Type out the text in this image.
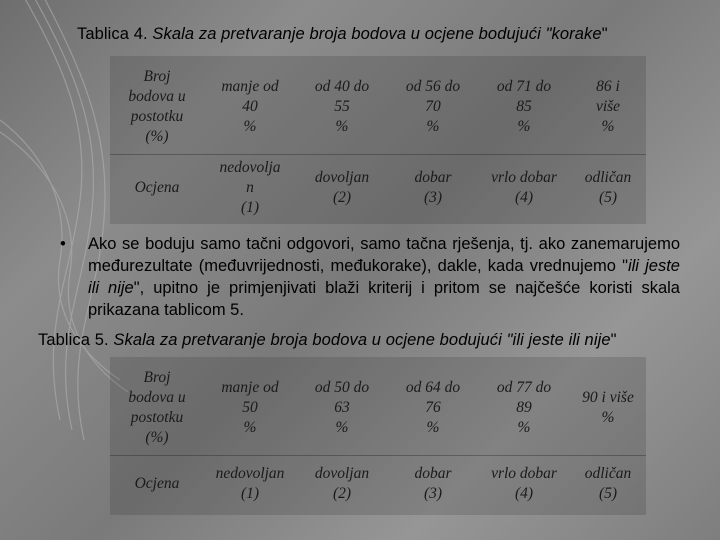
Tablica 4. Skala za pretvaranje broja bodova u ocjene bodujući "korake"
Broj
bodova u
postotku
(%)
manje od
40
%
od 40 do
55
%
od 56 do
70
%
od 71 do
85
%
86 i
više
%
Ocjena
nedovolja
n
(1)
dovoljan
(2)
dobar
(3)
vrlo dobar
(4)
odličan
(5)
• Ako se boduju samo tačni odgovori, samo tačna rješenja, tj. ako zanemarujemo međurezultate (međuvrijednosti, međukorake), dakle, kada vrednujemo "ili jeste ili nije", upitno je primjenjivati blaži kriterij i pritom se najčešće koristi skala prikazana tablicom 5.
Tablica 5. Skala za pretvaranje broja bodova u ocjene bodujući "ili jeste ili nije"
Broj
bodova u
postotku
(%)
manje od
50
%
od 50 do
63
%
od 64 do
76
%
od 77 do
89
%
90 i više
%
Ocjena
nedovoljan
(1)
dovoljan
(2)
dobar
(3)
vrlo dobar
(4)
odličan
(5)
